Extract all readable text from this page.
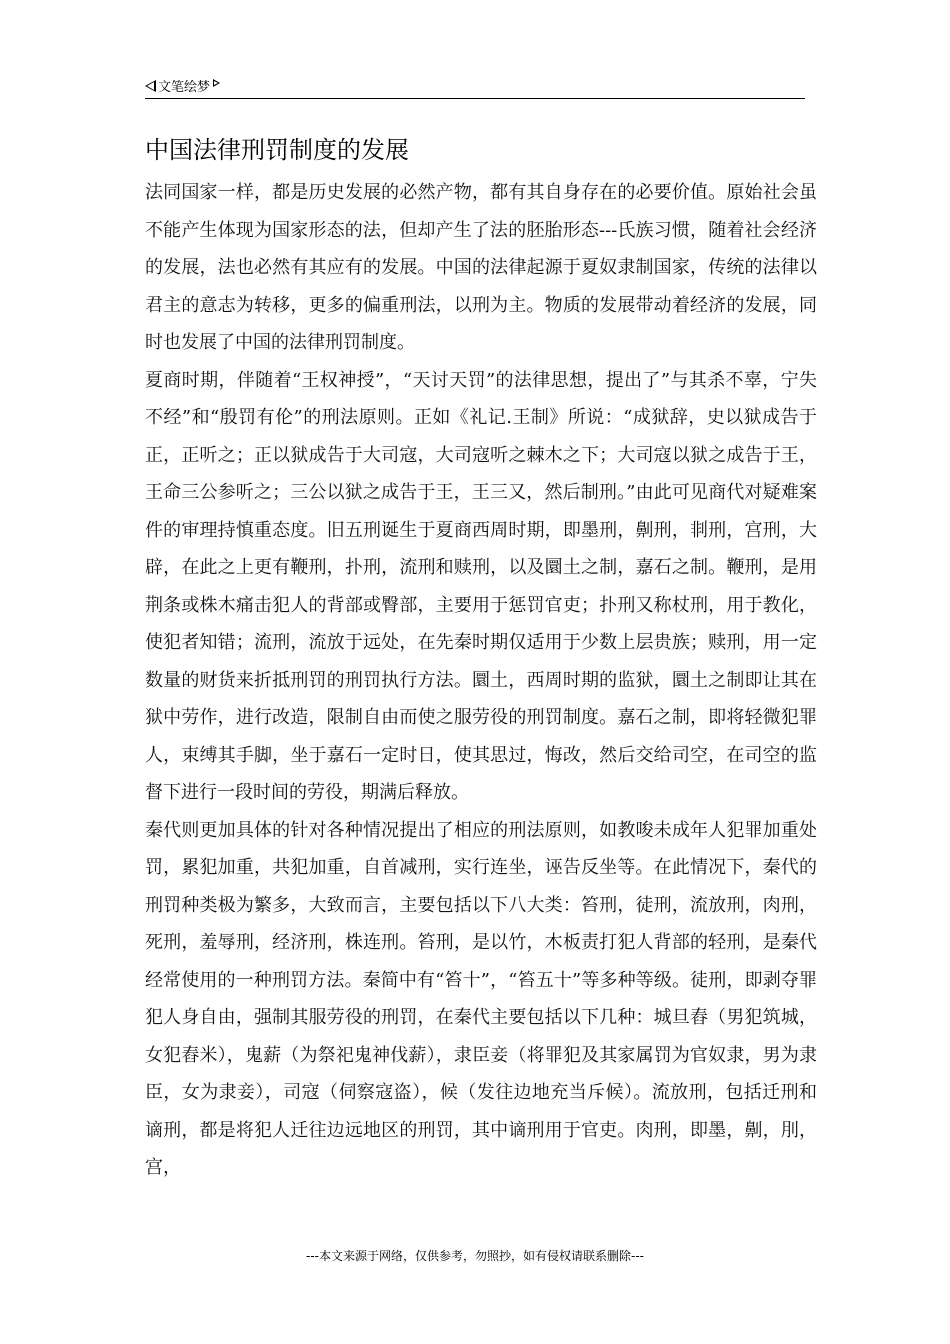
文笔绘梦
中国法律刑罚制度的发展

法同国家一样，都是历史发展的必然产物，都有其自身存在的必要价值。原始社会虽不能产生体现为国家形态的法，但却产生了法的胚胎形态---氏族习惯，随着社会经济的发展，法也必然有其应有的发展。中国的法律起源于夏奴隶制国家，传统的法律以君主的意志为转移，更多的偏重刑法，以刑为主。物质的发展带动着经济的发展，同时也发展了中国的法律刑罚制度。

夏商时期，伴随着“王权神授”，“天讨天罚”的法律思想，提出了”与其杀不辜，宁失不经”和“殷罚有伦”的刑法原则。正如《礼记.王制》所说：“成狱辞，史以狱成告于正，正听之；正以狱成告于大司寇，大司寇听之棘木之下；大司寇以狱之成告于王，王命三公参听之；三公以狱之成告于王，王三又，然后制刑。”由此可见商代对疑难案件的审理持慎重态度。旧五刑诞生于夏商西周时期，即墨刑，劓刑，剕刑，宫刑，大辟，在此之上更有鞭刑，扑刑，流刑和赎刑，以及圜土之制，嘉石之制。鞭刑，是用荆条或株木痛击犯人的背部或臀部，主要用于惩罚官吏；扑刑又称杖刑，用于教化，使犯者知错；流刑，流放于远处，在先秦时期仅适用于少数上层贵族；赎刑，用一定数量的财货来折抵刑罚的刑罚执行方法。圜土，西周时期的监狱，圜土之制即让其在狱中劳作，进行改造，限制自由而使之服劳役的刑罚制度。嘉石之制，即将轻微犯罪人，束缚其手脚，坐于嘉石一定时日，使其思过，悔改，然后交给司空，在司空的监督下进行一段时间的劳役，期满后释放。

秦代则更加具体的针对各种情况提出了相应的刑法原则，如教唆未成年人犯罪加重处罚，累犯加重，共犯加重，自首减刑，实行连坐，诬告反坐等。在此情况下，秦代的刑罚种类极为繁多，大致而言，主要包括以下八大类：笞刑，徒刑，流放刑，肉刑，死刑，羞辱刑，经济刑，株连刑。笞刑，是以竹，木板责打犯人背部的轻刑，是秦代经常使用的一种刑罚方法。秦简中有“笞十”，“笞五十”等多种等级。徒刑，即剥夺罪犯人身自由，强制其服劳役的刑罚，在秦代主要包括以下几种：城旦舂（男犯筑城，女犯舂米），鬼薪（为祭祀鬼神伐薪），隶臣妾（将罪犯及其家属罚为官奴隶，男为隶臣，女为隶妾），司寇（伺察寇盗），候（发往边地充当斥候）。流放刑，包括迁刑和谪刑，都是将犯人迁往边远地区的刑罚，其中谪刑用于官吏。肉刑，即墨，劓，刖，宫，

---本文来源于网络，仅供参考，勿照抄，如有侵权请联系删除---
